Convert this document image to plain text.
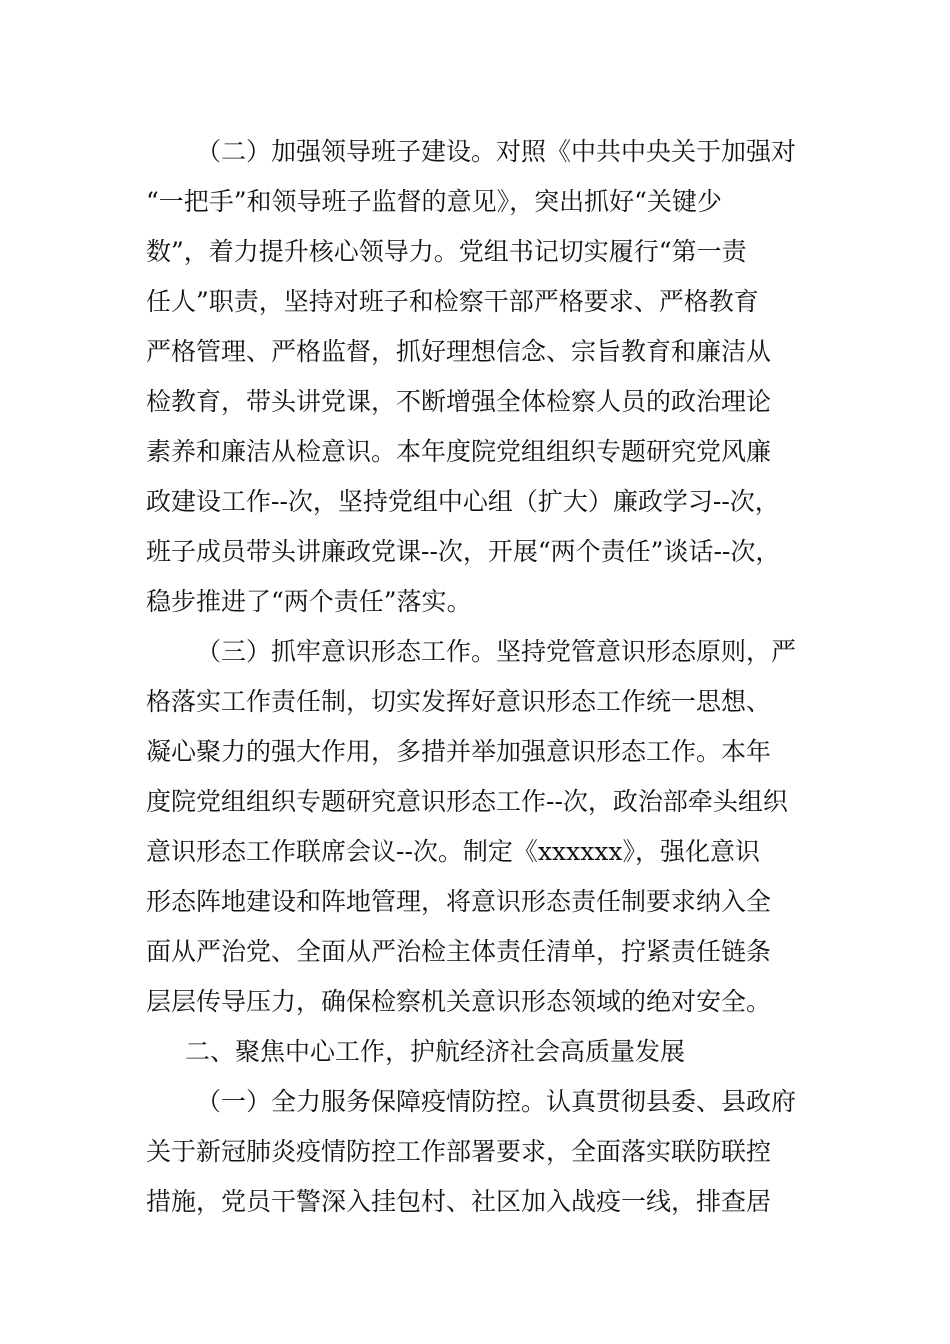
（二）加强领导班子建设。对照《中共中央关于加强对
“一把手”和领导班子监督的意见》，突出抓好“关键少
数”，着力提升核心领导力。党组书记切实履行“第一责
任人”职责，坚持对班子和检察干部严格要求、严格教育
严格管理、严格监督，抓好理想信念、宗旨教育和廉洁从
检教育，带头讲党课，不断增强全体检察人员的政治理论
素养和廉洁从检意识。本年度院党组组织专题研究党风廉
政建设工作--次，坚持党组中心组（扩大）廉政学习--次，
班子成员带头讲廉政党课--次，开展“两个责任”谈话--次，
稳步推进了“两个责任”落实。
（三）抓牢意识形态工作。坚持党管意识形态原则，严
格落实工作责任制，切实发挥好意识形态工作统一思想、
凝心聚力的强大作用，多措并举加强意识形态工作。本年
度院党组组织专题研究意识形态工作--次，政治部牵头组织
意识形态工作联席会议--次。制定《xxxxxx》，强化意识
形态阵地建设和阵地管理，将意识形态责任制要求纳入全
面从严治党、全面从严治检主体责任清单，拧紧责任链条
层层传导压力，确保检察机关意识形态领域的绝对安全。
二、聚焦中心工作，护航经济社会高质量发展
（一）全力服务保障疫情防控。认真贯彻县委、县政府
关于新冠肺炎疫情防控工作部署要求，全面落实联防联控
措施，党员干警深入挂包村、社区加入战疫一线，排查居
